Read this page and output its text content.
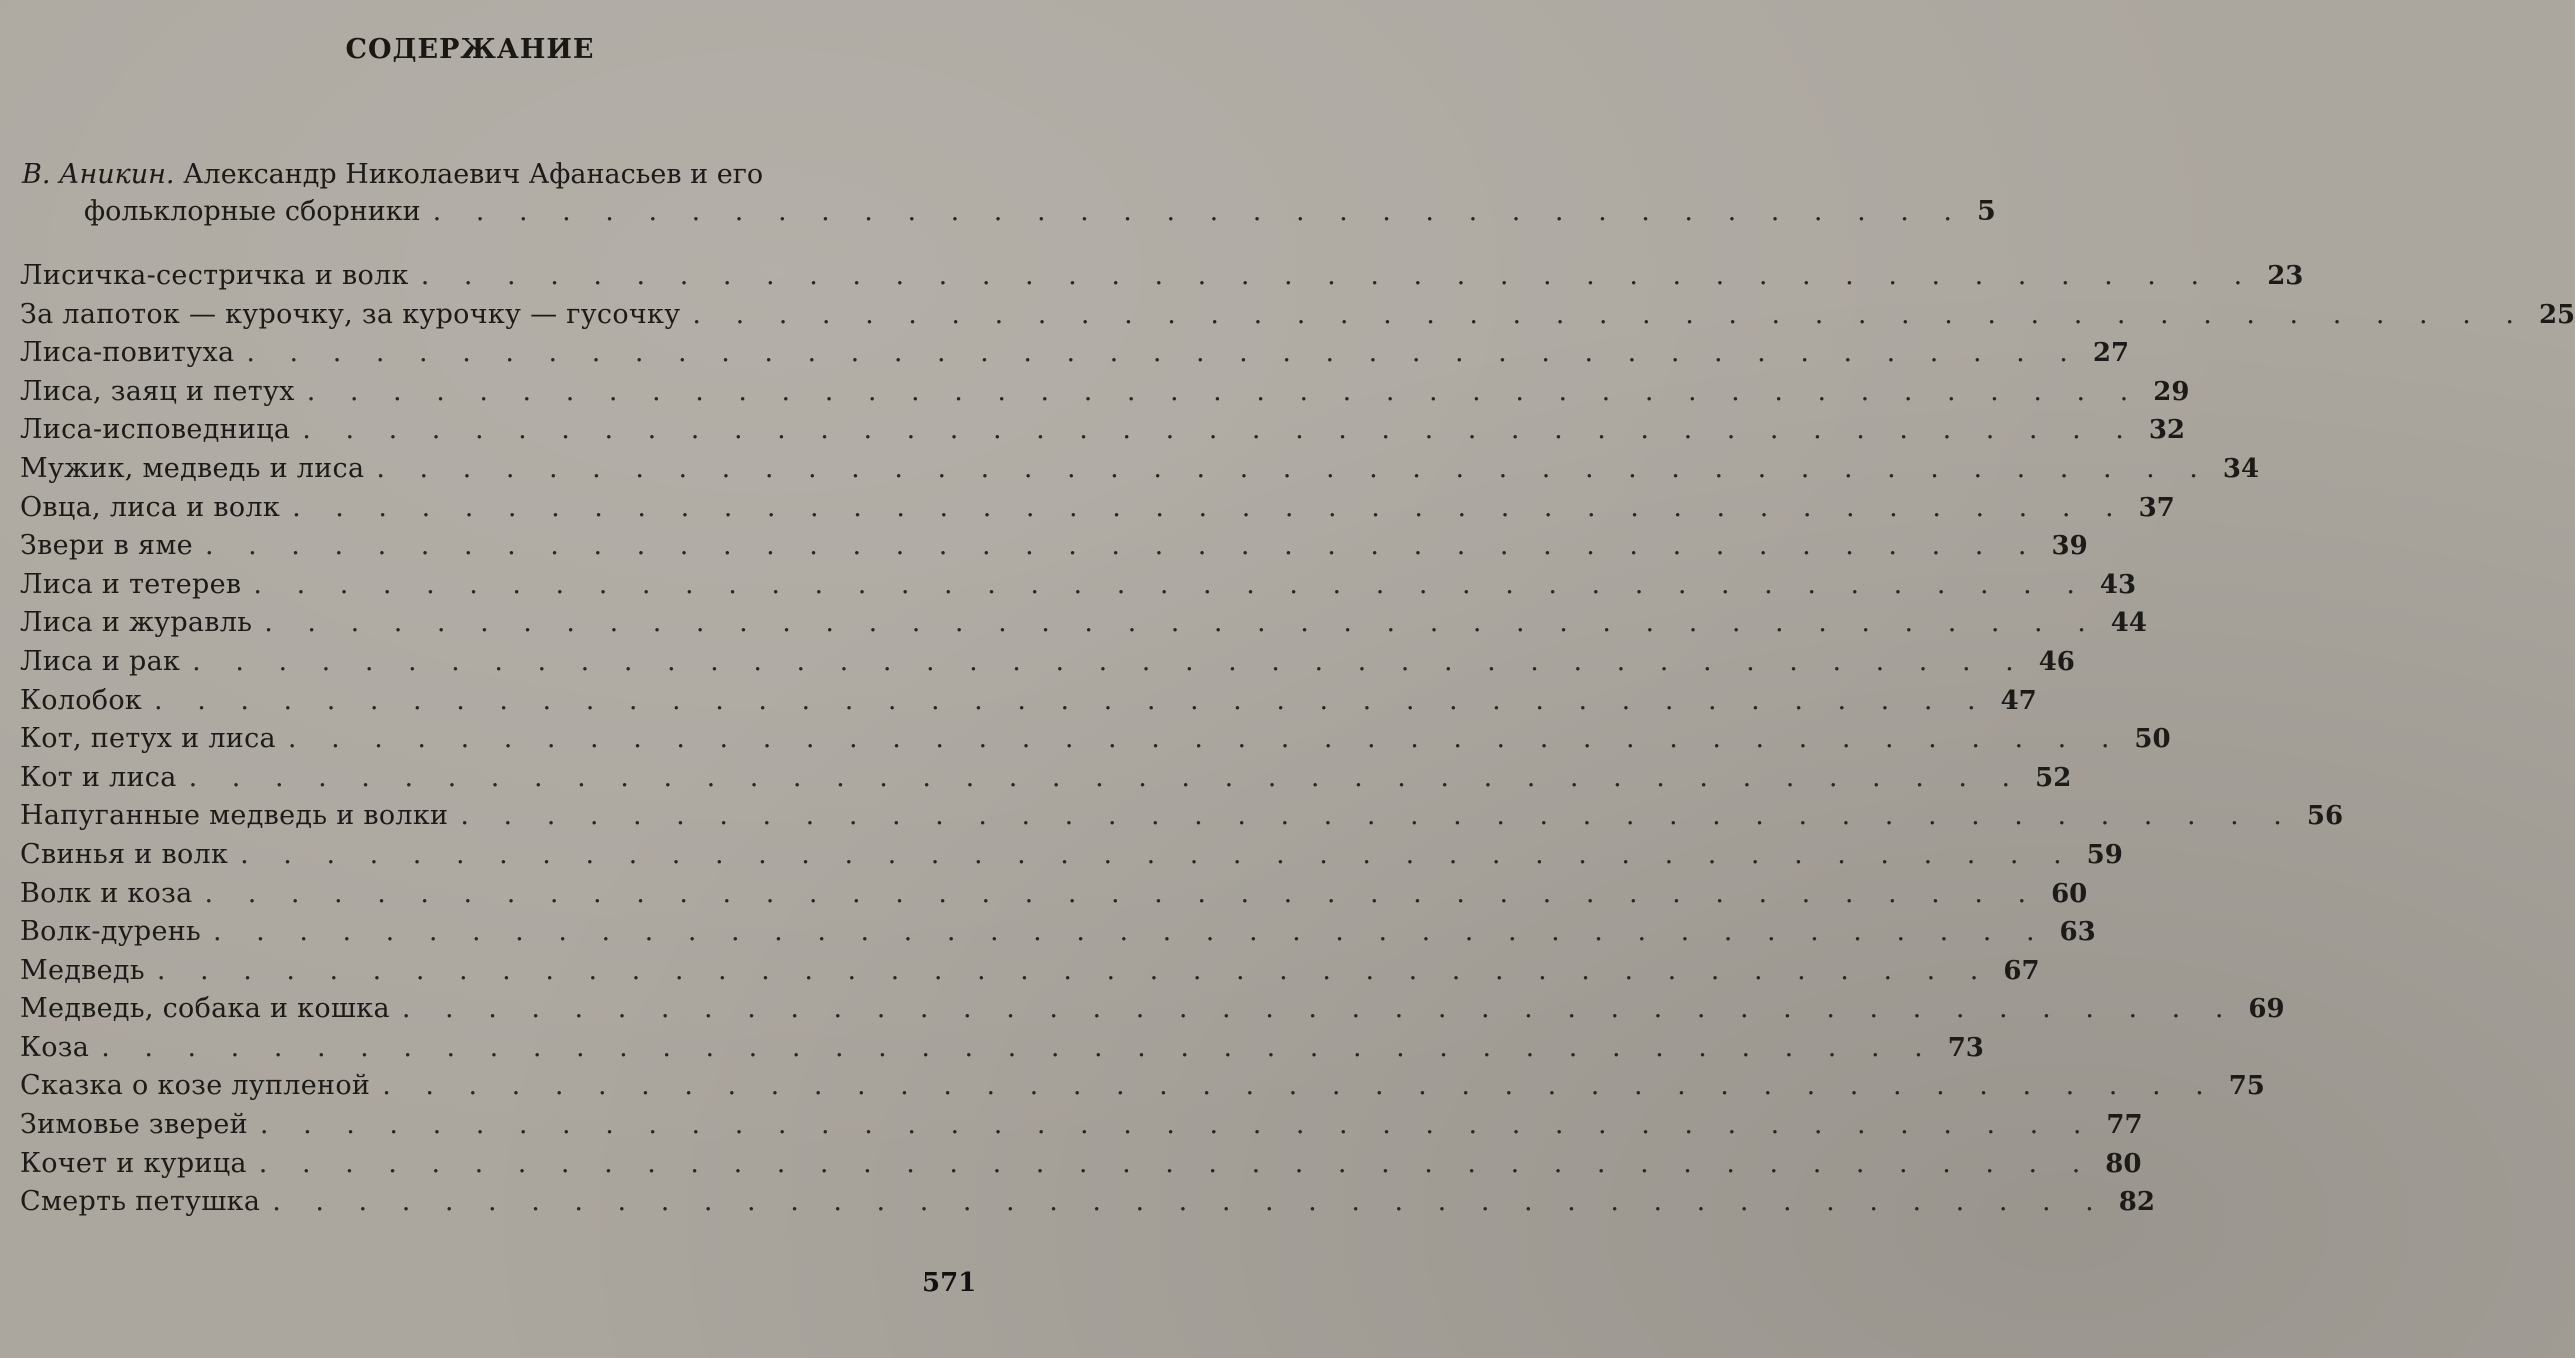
СОДЕРЖАНИЕ
В. Аникин. Александр Николаевич Афанасьев и его
фольклорные сборники . . . . . . . . . . . . . . . . . . . . . . . . . . . . . . . . . . . . 5
Лисичка-сестричка и волк . . . . . . . . . . . . . . . . . . . . . . . . . . . . . . . . . . . . . . . . . . . 23
За лапоток — курочку, за курочку — гусочку . . . . . . . . . . . . . . . . . . . . . . . . . . . . . . . . . . . . . . . . . . . 25
Лиса-повитуха . . . . . . . . . . . . . . . . . . . . . . . . . . . . . . . . . . . . . . . . . . . 27
Лиса, заяц и петух . . . . . . . . . . . . . . . . . . . . . . . . . . . . . . . . . . . . . . . . . . . 29
Лиса-исповедница . . . . . . . . . . . . . . . . . . . . . . . . . . . . . . . . . . . . . . . . . . . 32
Мужик, медведь и лиса . . . . . . . . . . . . . . . . . . . . . . . . . . . . . . . . . . . . . . . . . . . 34
Овца, лиса и волк . . . . . . . . . . . . . . . . . . . . . . . . . . . . . . . . . . . . . . . . . . . 37
Звери в яме . . . . . . . . . . . . . . . . . . . . . . . . . . . . . . . . . . . . . . . . . . . 39
Лиса и тетерев . . . . . . . . . . . . . . . . . . . . . . . . . . . . . . . . . . . . . . . . . . . 43
Лиса и журавль . . . . . . . . . . . . . . . . . . . . . . . . . . . . . . . . . . . . . . . . . . . 44
Лиса и рак . . . . . . . . . . . . . . . . . . . . . . . . . . . . . . . . . . . . . . . . . . . 46
Колобок . . . . . . . . . . . . . . . . . . . . . . . . . . . . . . . . . . . . . . . . . . . 47
Кот, петух и лиса . . . . . . . . . . . . . . . . . . . . . . . . . . . . . . . . . . . . . . . . . . . 50
Кот и лиса . . . . . . . . . . . . . . . . . . . . . . . . . . . . . . . . . . . . . . . . . . . 52
Напуганные медведь и волки . . . . . . . . . . . . . . . . . . . . . . . . . . . . . . . . . . . . . . . . . . . 56
Свинья и волк . . . . . . . . . . . . . . . . . . . . . . . . . . . . . . . . . . . . . . . . . . . 59
Волк и коза . . . . . . . . . . . . . . . . . . . . . . . . . . . . . . . . . . . . . . . . . . . 60
Волк-дурень . . . . . . . . . . . . . . . . . . . . . . . . . . . . . . . . . . . . . . . . . . . 63
Медведь . . . . . . . . . . . . . . . . . . . . . . . . . . . . . . . . . . . . . . . . . . . 67
Медведь, собака и кошка . . . . . . . . . . . . . . . . . . . . . . . . . . . . . . . . . . . . . . . . . . . 69
Коза . . . . . . . . . . . . . . . . . . . . . . . . . . . . . . . . . . . . . . . . . . . 73
Сказка о козе лупленой . . . . . . . . . . . . . . . . . . . . . . . . . . . . . . . . . . . . . . . . . . . 75
Зимовье зверей . . . . . . . . . . . . . . . . . . . . . . . . . . . . . . . . . . . . . . . . . . . 77
Кочет и курица . . . . . . . . . . . . . . . . . . . . . . . . . . . . . . . . . . . . . . . . . . . 80
Смерть петушка . . . . . . . . . . . . . . . . . . . . . . . . . . . . . . . . . . . . . . . . . . . 82
571
